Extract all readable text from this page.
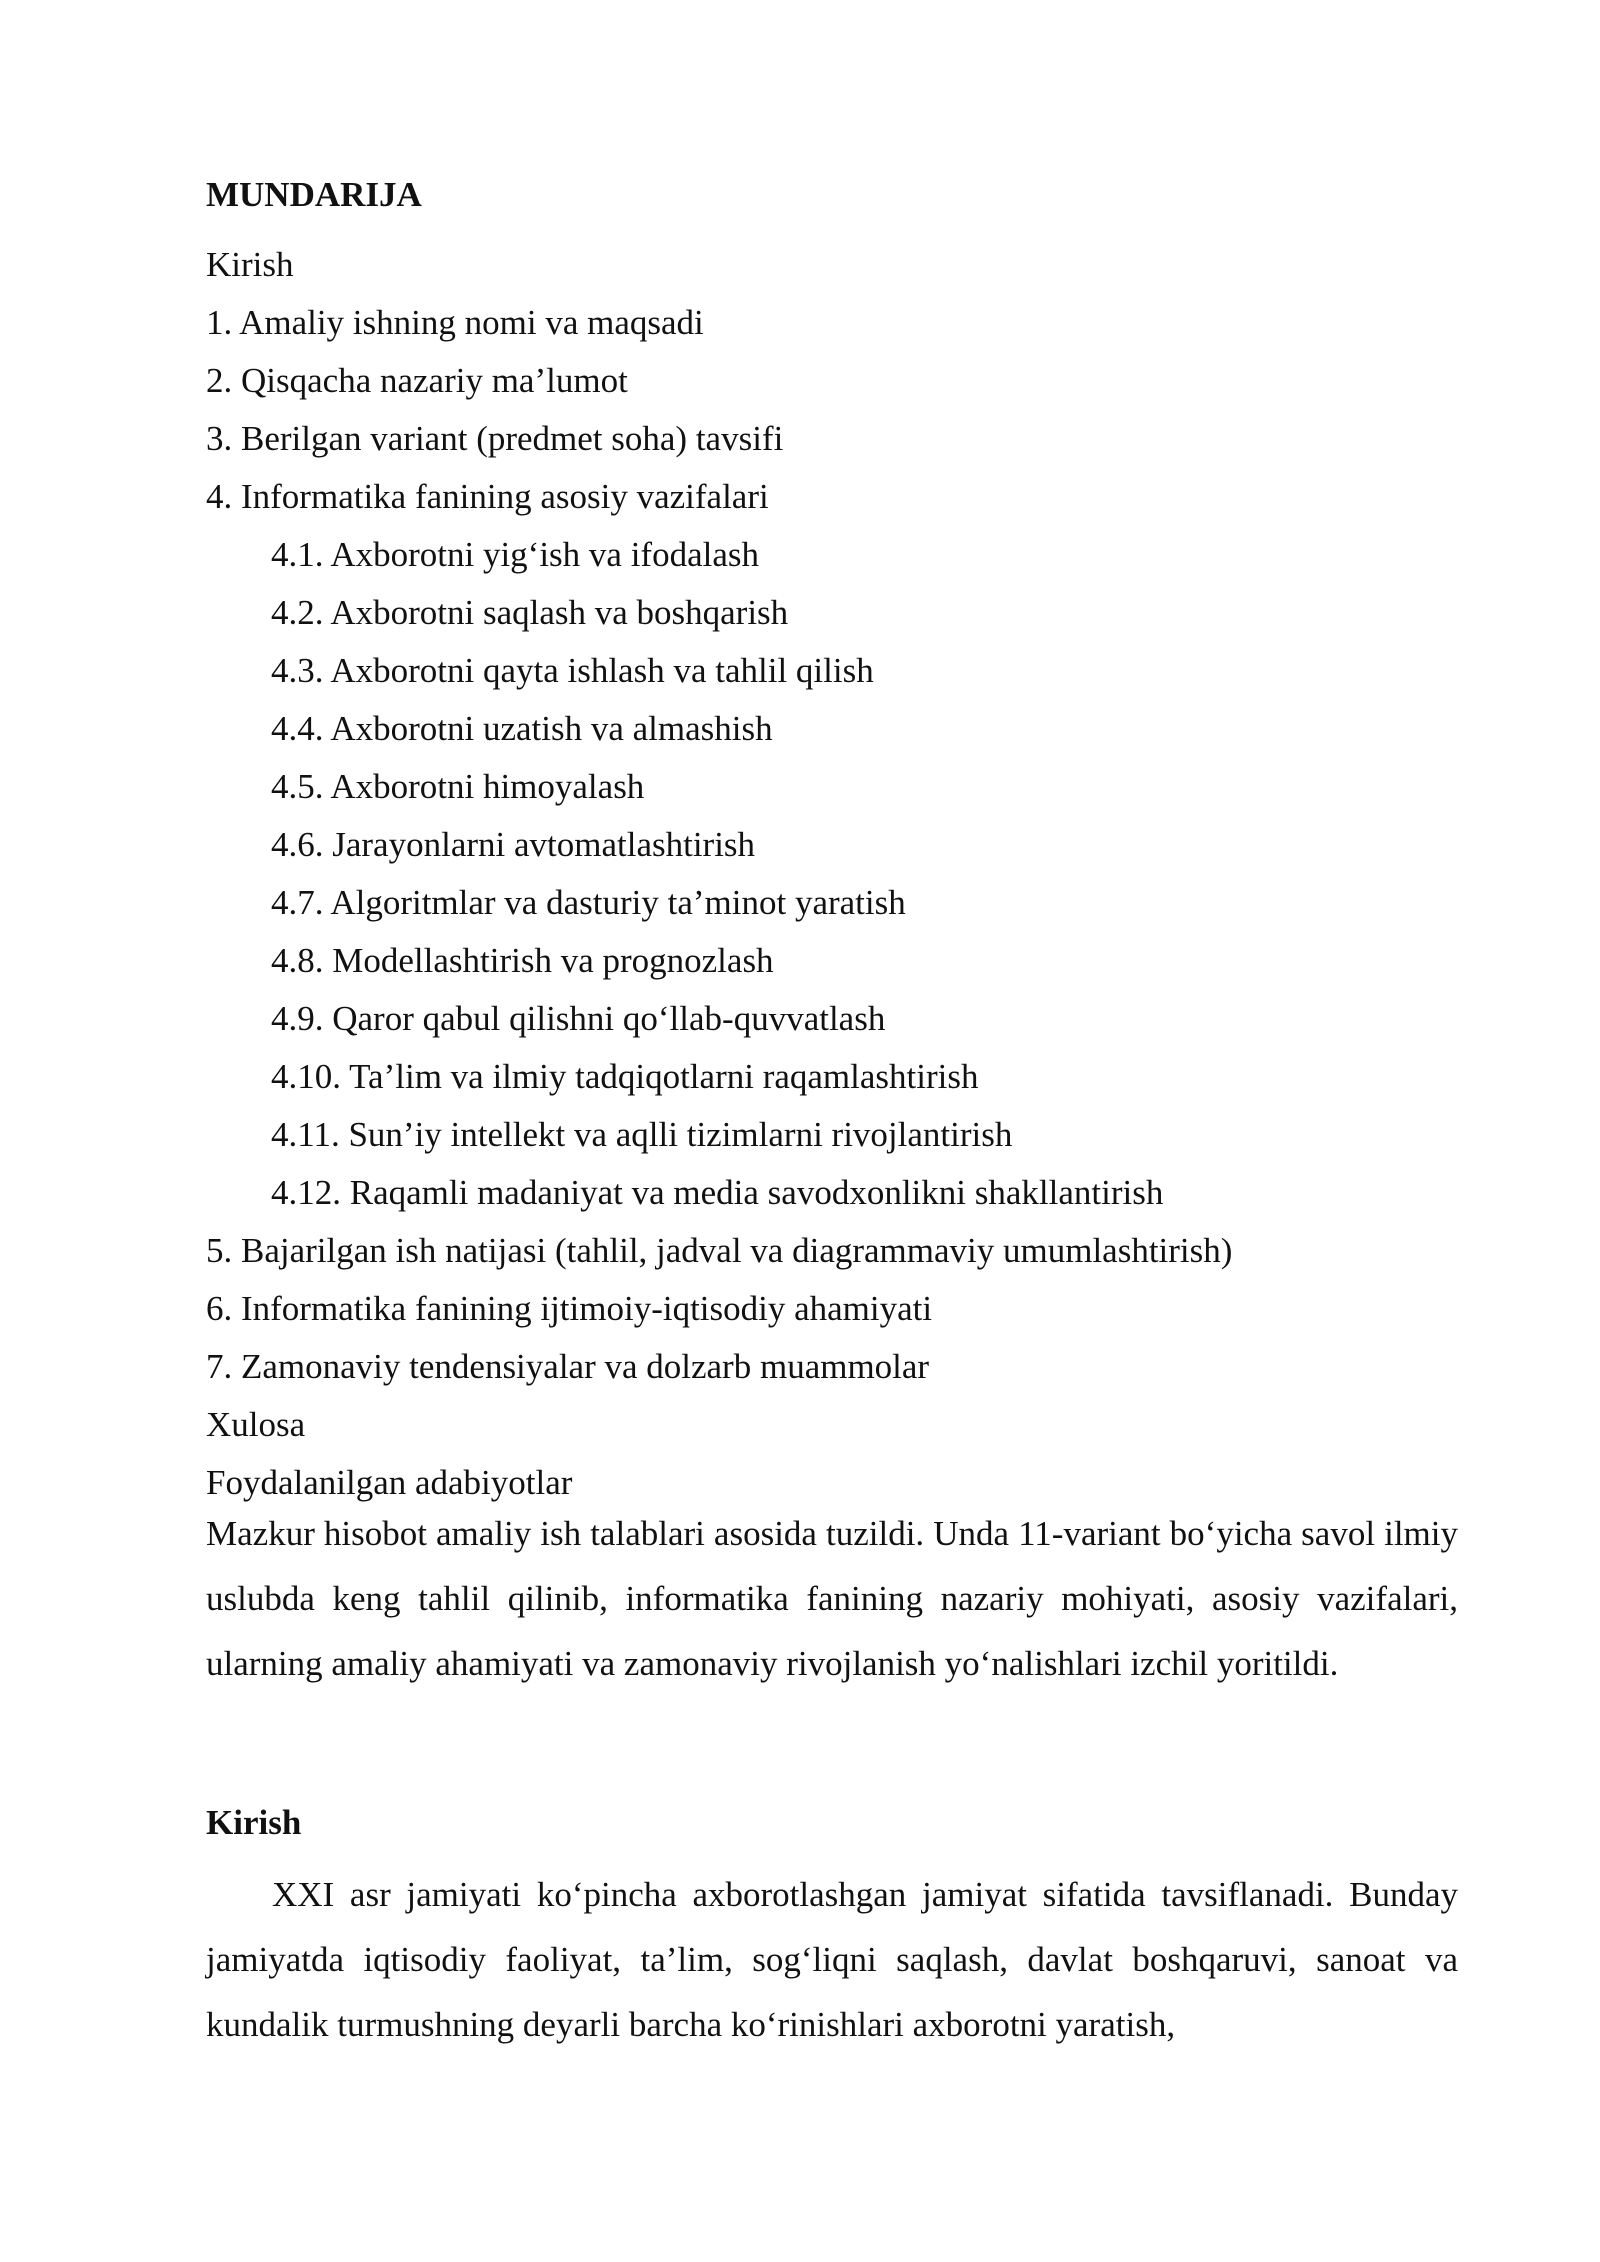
MUNDARIJA
Kirish
1. Amaliy ishning nomi va maqsadi
2. Qisqacha nazariy ma’lumot
3. Berilgan variant (predmet soha) tavsifi
4. Informatika fanining asosiy vazifalari
4.1. Axborotni yig‘ish va ifodalash
4.2. Axborotni saqlash va boshqarish
4.3. Axborotni qayta ishlash va tahlil qilish
4.4. Axborotni uzatish va almashish
4.5. Axborotni himoyalash
4.6. Jarayonlarni avtomatlashtirish
4.7. Algoritmlar va dasturiy ta’minot yaratish
4.8. Modellashtirish va prognozlash
4.9. Qaror qabul qilishni qo‘llab-quvvatlash
4.10. Ta’lim va ilmiy tadqiqotlarni raqamlashtirish
4.11. Sun’iy intellekt va aqlli tizimlarni rivojlantirish
4.12. Raqamli madaniyat va media savodxonlikni shakllantirish
5. Bajarilgan ish natijasi (tahlil, jadval va diagrammaviy umumlashtirish)
6. Informatika fanining ijtimoiy-iqtisodiy ahamiyati
7. Zamonaviy tendensiyalar va dolzarb muammolar
Xulosa
Foydalanilgan adabiyotlar

Mazkur hisobot amaliy ish talablari asosida tuzildi. Unda 11-variant bo‘yicha savol ilmiy uslubda keng tahlil qilinib, informatika fanining nazariy mohiyati, asosiy vazifalari, ularning amaliy ahamiyati va zamonaviy rivojlanish yo‘nalishlari izchil yoritildi.

Kirish

XXI asr jamiyati ko‘pincha axborotlashgan jamiyat sifatida tavsiflanadi. Bunday jamiyatda iqtisodiy faoliyat, ta’lim, sog‘liqni saqlash, davlat boshqaruvi, sanoat va kundalik turmushning deyarli barcha ko‘rinishlari axborotni yaratish,
